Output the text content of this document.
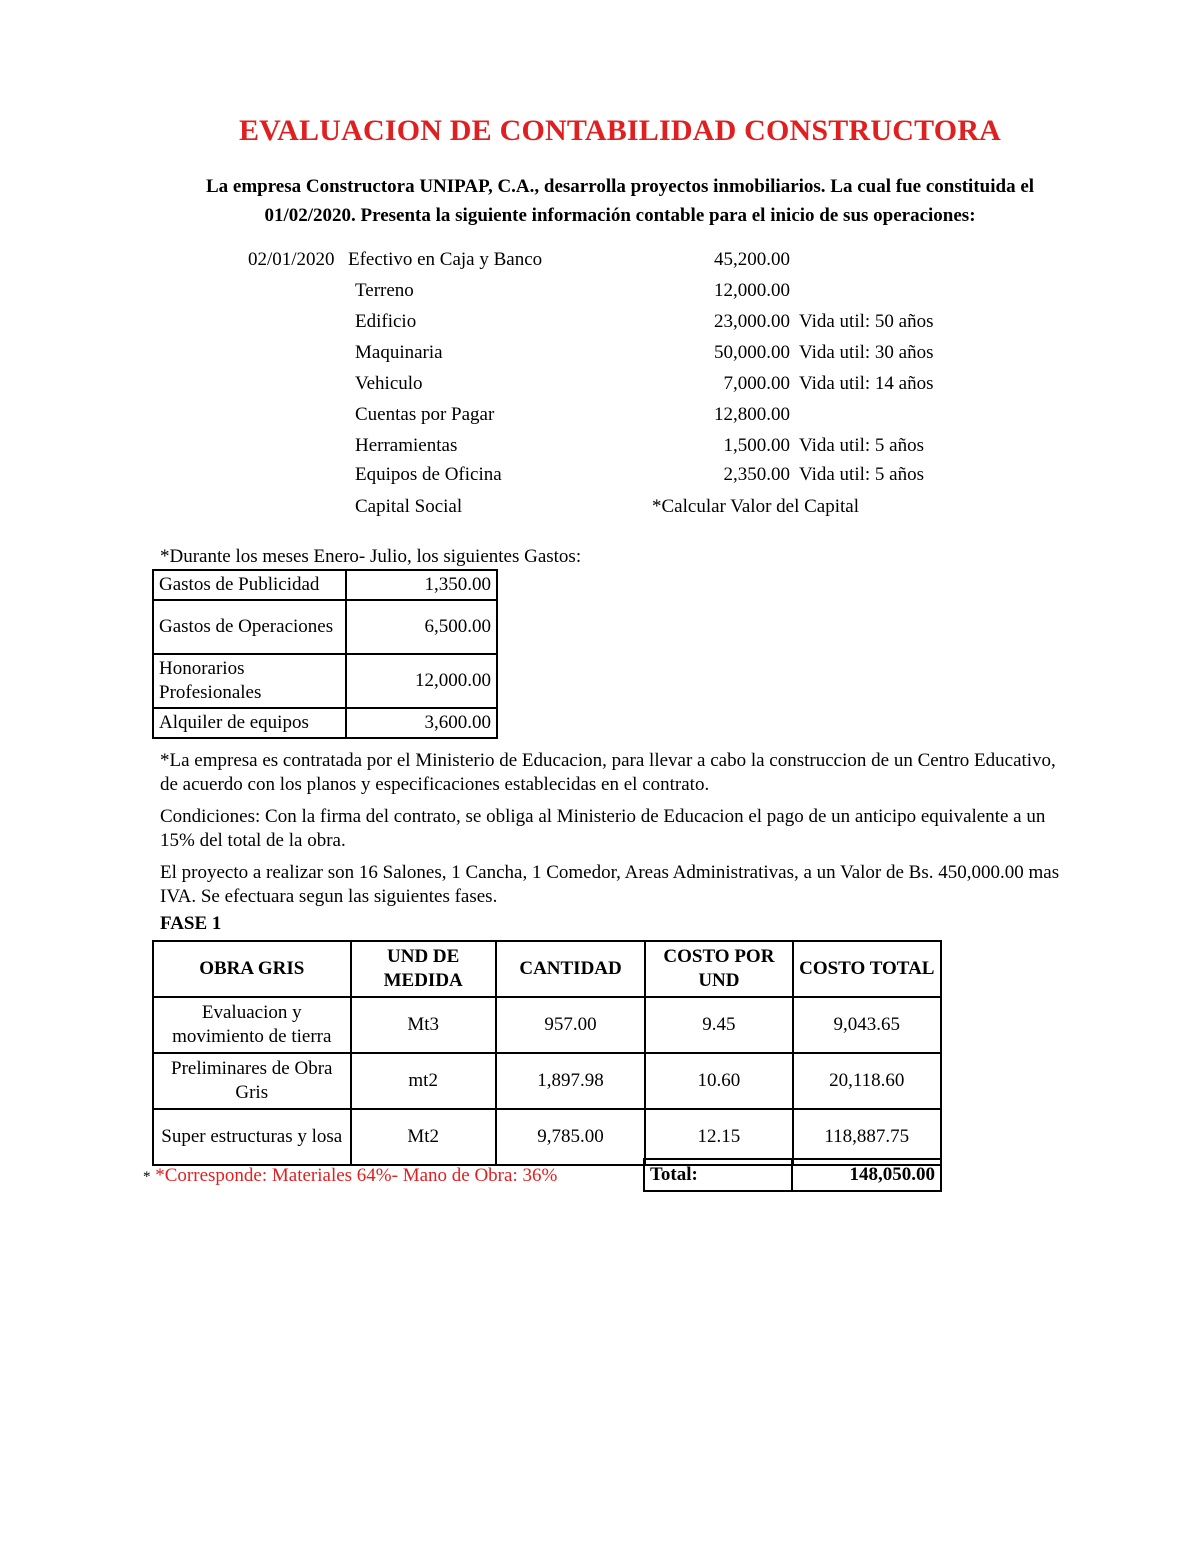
EVALUACION DE CONTABILIDAD CONSTRUCTORA
La empresa Constructora UNIPAP, C.A., desarrolla proyectos inmobiliarios. La cual fue constituida el 01/02/2020. Presenta la siguiente información contable para el inicio de sus operaciones:
02/01/2020 Efectivo en Caja y Banco	45,200.00
Terreno	12,000.00
Edificio	23,000.00 Vida util: 50 años
Maquinaria	50,000.00 Vida util: 30 años
Vehiculo	7,000.00 Vida util: 14 años
Cuentas por Pagar	12,800.00
Herramientas	1,500.00 Vida util: 5 años
Equipos de Oficina	2,350.00 Vida util: 5 años
Capital Social	*Calcular Valor del Capital
*Durante los meses Enero- Julio, los siguientes Gastos:
Gastos de Publicidad	1,350.00
Gastos de Operaciones	6,500.00
Honorarios Profesionales	12,000.00
Alquiler de equipos	3,600.00
*La empresa es contratada por el Ministerio de Educacion, para llevar a cabo la construccion de un Centro Educativo, de acuerdo con los planos y especificaciones establecidas en el contrato.
Condiciones: Con la firma del contrato, se obliga al Ministerio de Educacion el pago de un anticipo equivalente a un 15% del total de la obra.
El proyecto a realizar son 16 Salones, 1 Cancha, 1 Comedor, Areas Administrativas, a un Valor de Bs. 450,000.00 mas IVA. Se efectuara segun las siguientes fases.
FASE 1
OBRA GRIS	UND DE MEDIDA	CANTIDAD	COSTO POR UND	COSTO TOTAL
Evaluacion y movimiento de tierra	Mt3	957.00	9.45	9,043.65
Preliminares de Obra Gris	mt2	1,897.98	10.60	20,118.60
Super estructuras y losa	Mt2	9,785.00	12.15	118,887.75
* *Corresponde: Materiales 64%- Mano de Obra: 36%	Total:	148,050.00
